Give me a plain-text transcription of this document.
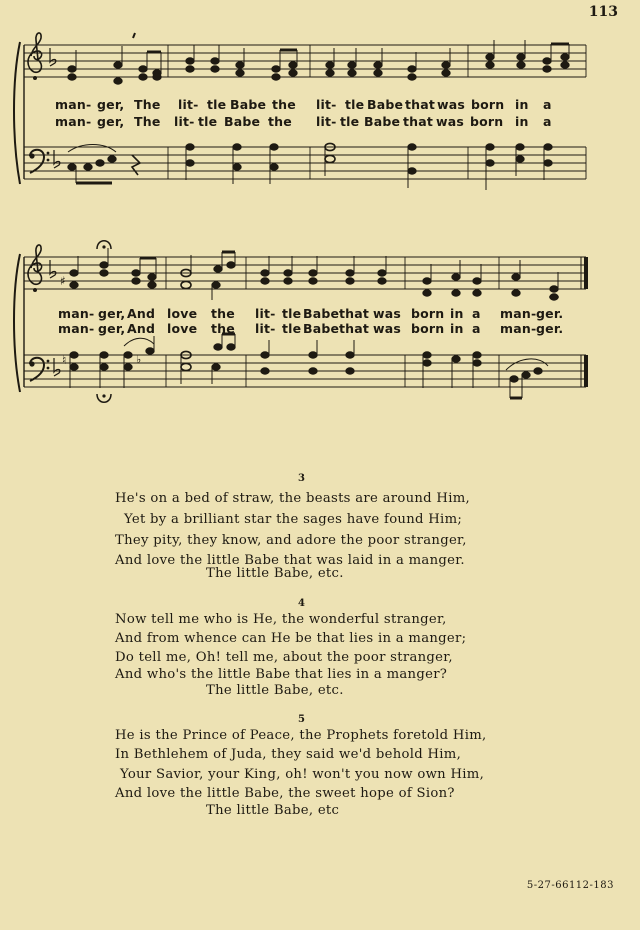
113
♯
♮	♭
man- ger, The lit- tle Babe the lit- tle Babe that was born in a
man- ger, The lit- tle Babe the lit- tle Babe that was born in a
man- ger, And love the lit- tle Babe that was born in a man- ger.
man- ger, And love the lit- tle Babe that was born in a man- ger.
3
He's on a bed of straw, the beasts are around Him,
Yet by a brilliant star the sages have found Him;
They pity, they know, and adore the poor stranger,
And love the little Babe that was laid in a manger.
The little Babe, etc.
4
Now tell me who is He, the wonderful stranger,
And from whence can He be that lies in a manger;
Do tell me, Oh! tell me, about the poor stranger,
And who's the little Babe that lies in a manger?
The little Babe, etc.
5
He is the Prince of Peace, the Prophets foretold Him,
In Bethlehem of Juda, they said we'd behold Him,
Your Savior, your King, oh! won't you now own Him,
And love the little Babe, the sweet hope of Sion?
The little Babe, etc
5-27-66112-183
